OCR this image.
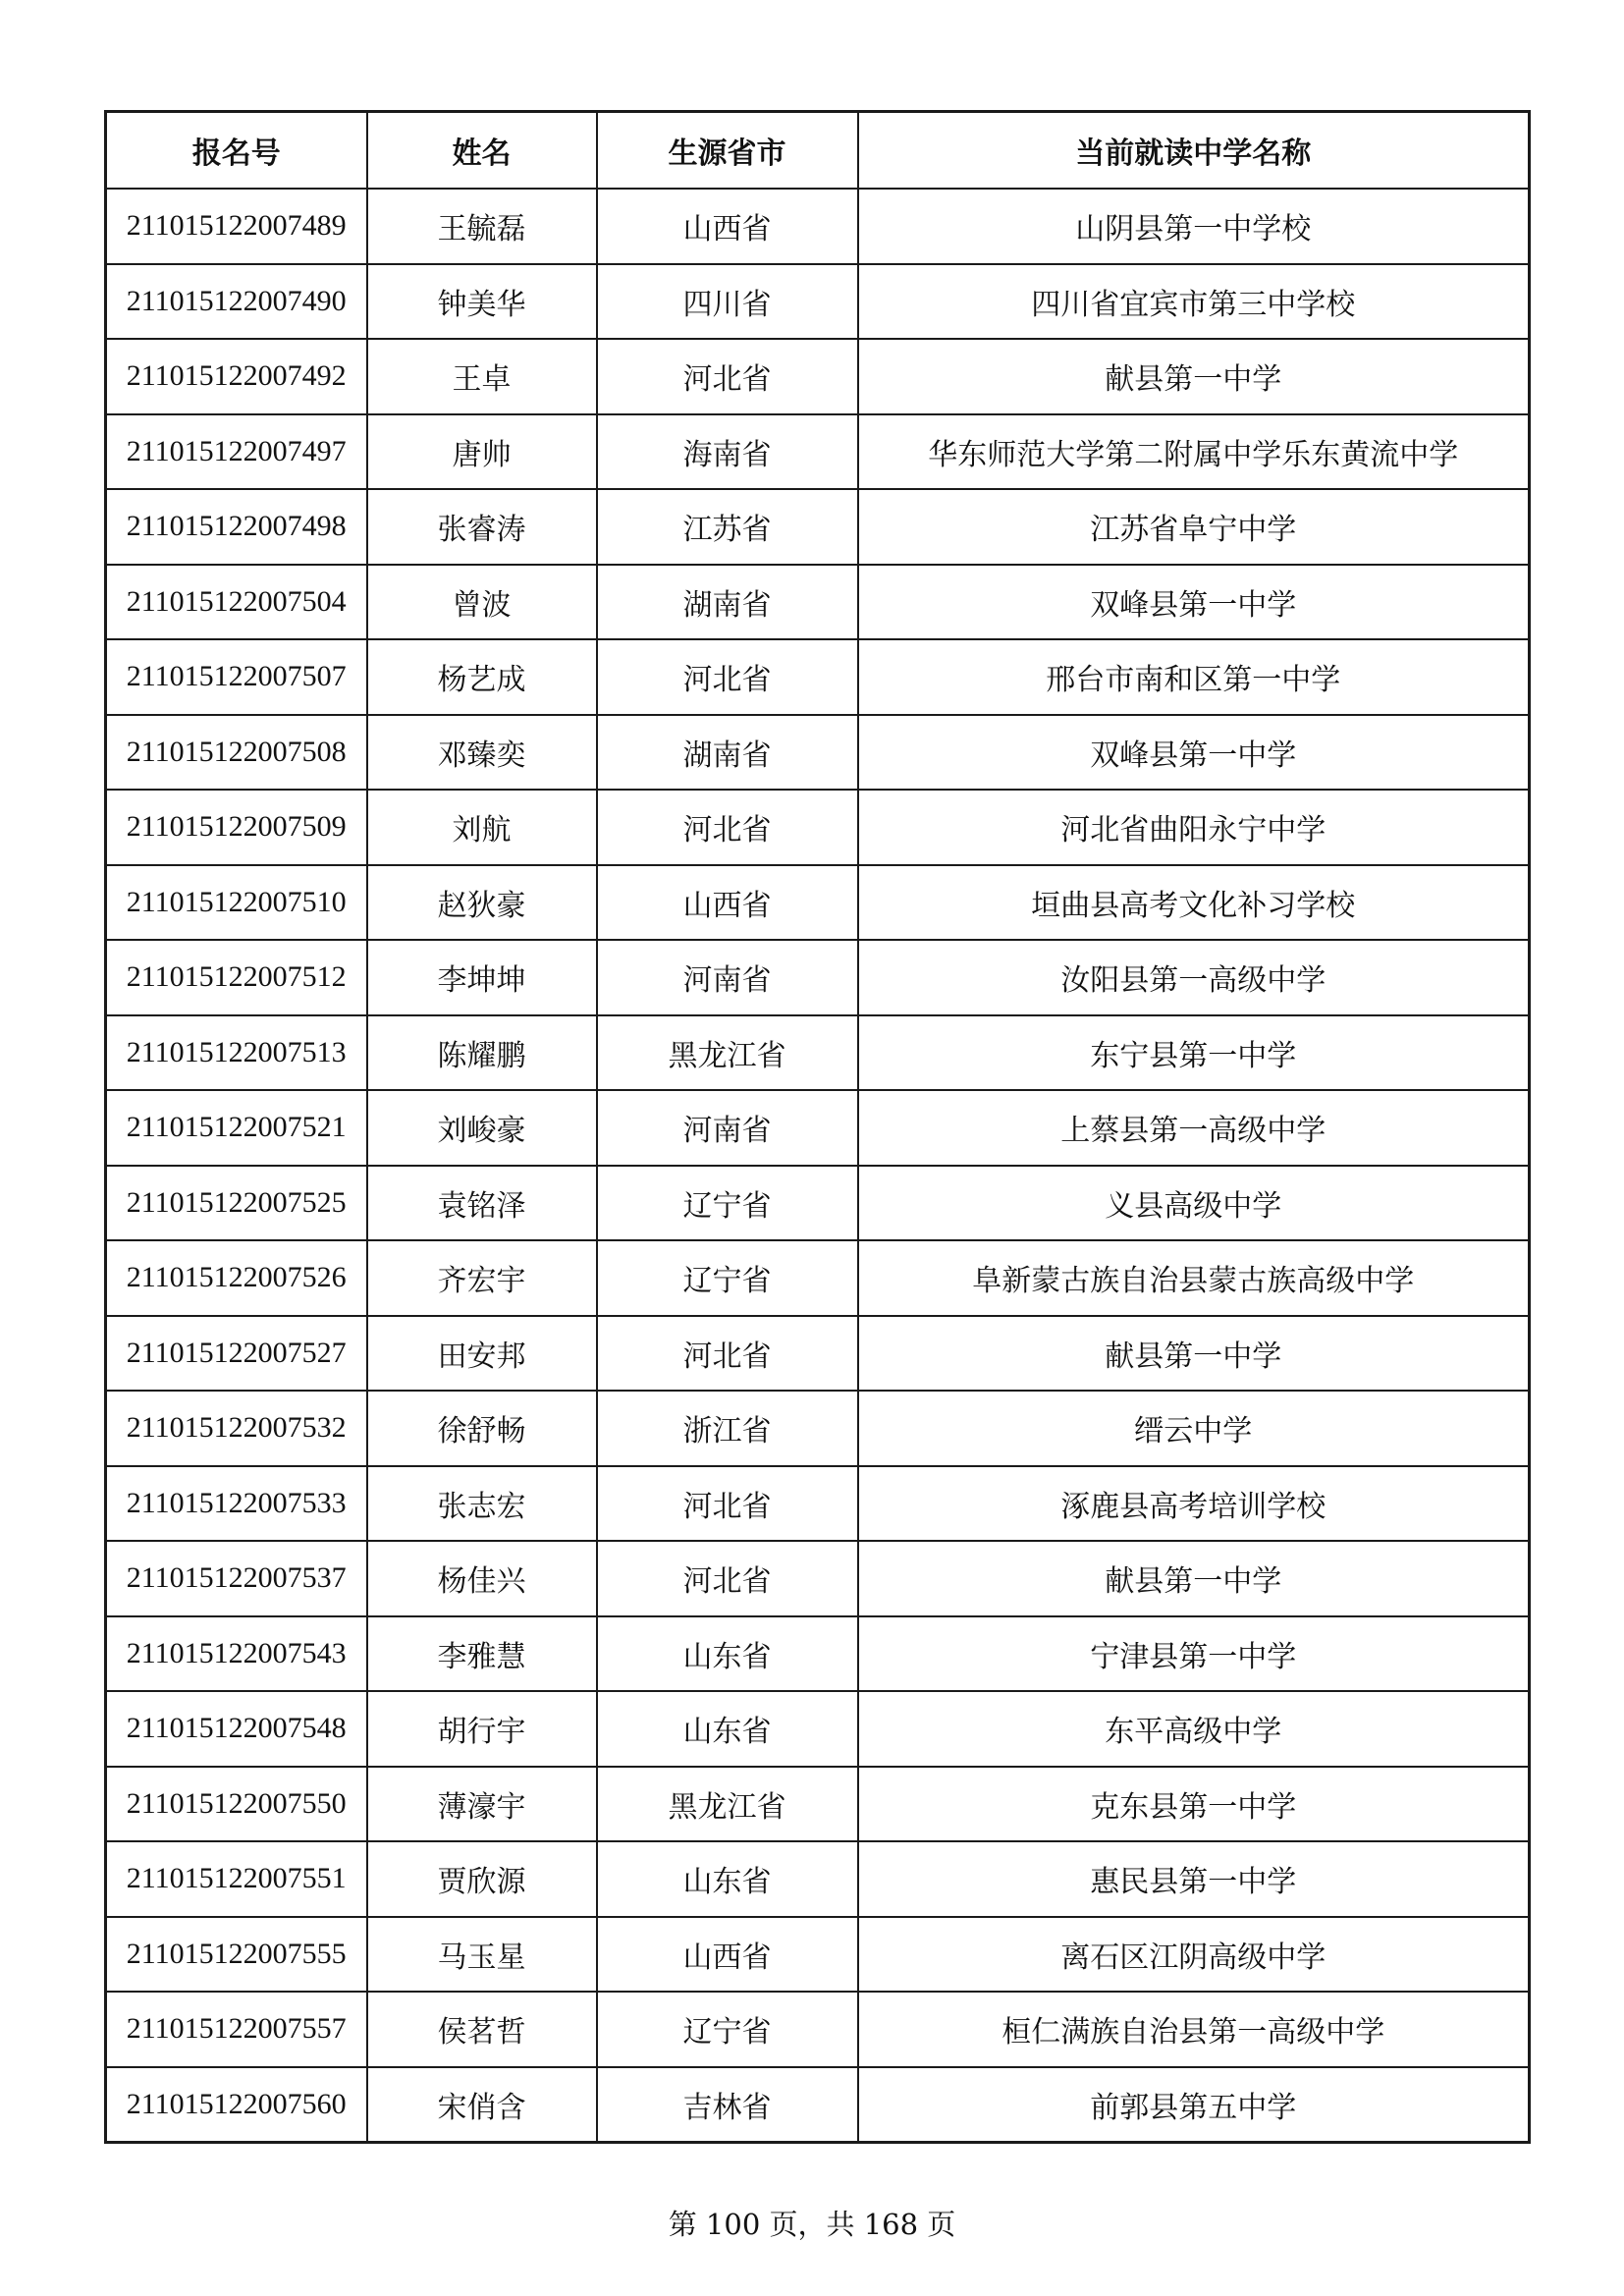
报名号	姓名	生源省市	当前就读中学名称
211015122007489	王毓磊	山西省	山阴县第一中学校
211015122007490	钟美华	四川省	四川省宜宾市第三中学校
211015122007492	王卓	河北省	献县第一中学
211015122007497	唐帅	海南省	华东师范大学第二附属中学乐东黄流中学
211015122007498	张睿涛	江苏省	江苏省阜宁中学
211015122007504	曾波	湖南省	双峰县第一中学
211015122007507	杨艺成	河北省	邢台市南和区第一中学
211015122007508	邓臻奕	湖南省	双峰县第一中学
211015122007509	刘航	河北省	河北省曲阳永宁中学
211015122007510	赵狄豪	山西省	垣曲县高考文化补习学校
211015122007512	李坤坤	河南省	汝阳县第一高级中学
211015122007513	陈耀鹏	黑龙江省	东宁县第一中学
211015122007521	刘峻豪	河南省	上蔡县第一高级中学
211015122007525	袁铭泽	辽宁省	义县高级中学
211015122007526	齐宏宇	辽宁省	阜新蒙古族自治县蒙古族高级中学
211015122007527	田安邦	河北省	献县第一中学
211015122007532	徐舒畅	浙江省	缙云中学
211015122007533	张志宏	河北省	涿鹿县高考培训学校
211015122007537	杨佳兴	河北省	献县第一中学
211015122007543	李雅慧	山东省	宁津县第一中学
211015122007548	胡行宇	山东省	东平高级中学
211015122007550	薄濠宇	黑龙江省	克东县第一中学
211015122007551	贾欣源	山东省	惠民县第一中学
211015122007555	马玉星	山西省	离石区江阴高级中学
211015122007557	侯茗哲	辽宁省	桓仁满族自治县第一高级中学
211015122007560	宋俏含	吉林省	前郭县第五中学
第 100 页，共 168 页
